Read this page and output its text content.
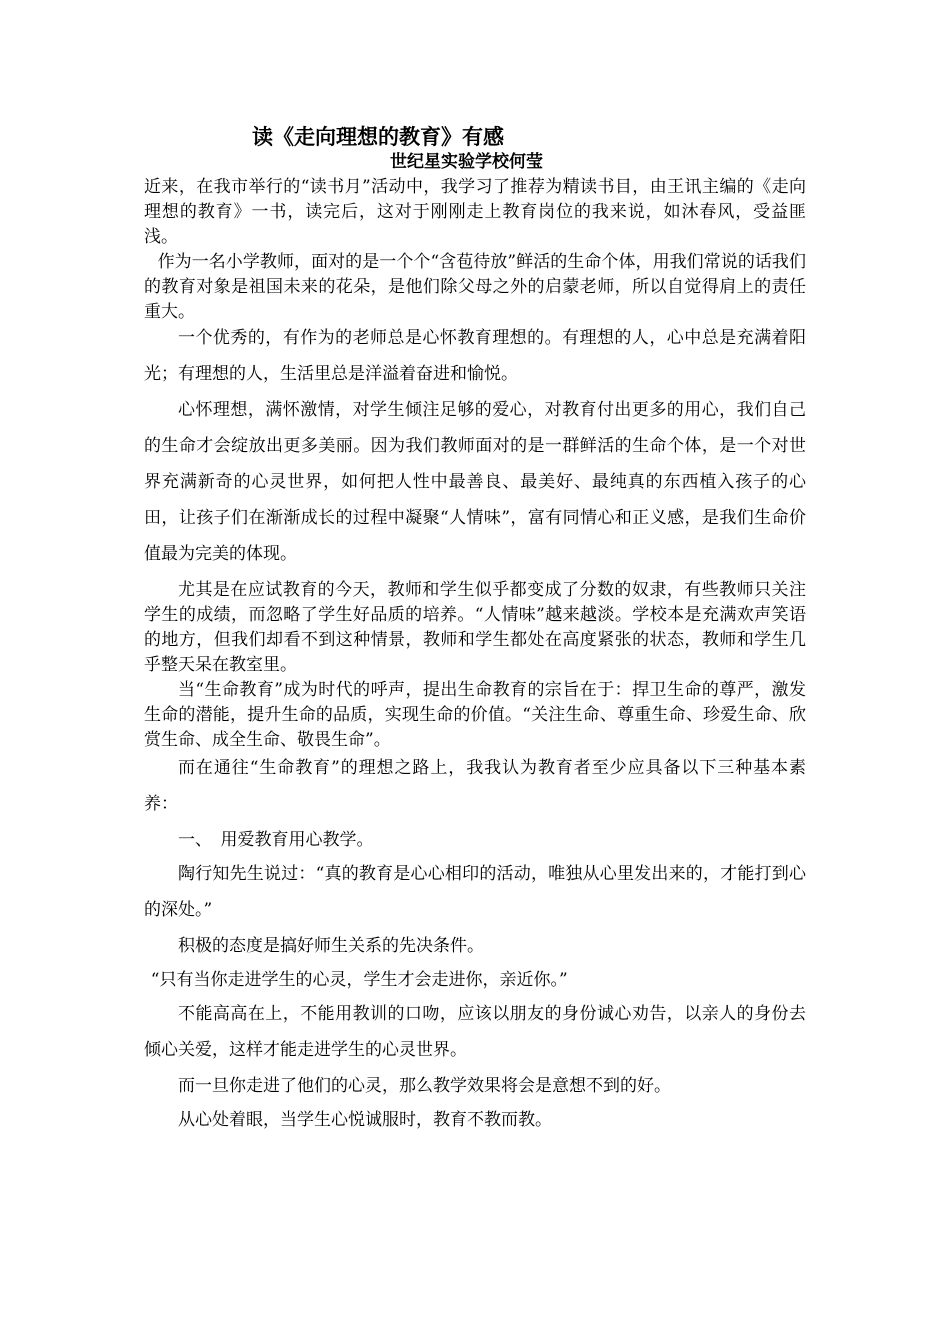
读《走向理想的教育》有感
世纪星实验学校何莹

近来，在我市举行的“读书月”活动中，我学习了推荐为精读书目，由王讯主编的《走向理想的教育》一书，读完后，这对于刚刚走上教育岗位的我来说，如沐春风，受益匪浅。

作为一名小学教师，面对的是一个个“含苞待放”鲜活的生命个体，用我们常说的话我们的教育对象是祖国未来的花朵，是他们除父母之外的启蒙老师，所以自觉得肩上的责任重大。

一个优秀的，有作为的老师总是心怀教育理想的。有理想的人，心中总是充满着阳光；有理想的人，生活里总是洋溢着奋进和愉悦。

心怀理想，满怀激情，对学生倾注足够的爱心，对教育付出更多的用心，我们自己的生命才会绽放出更多美丽。因为我们教师面对的是一群鲜活的生命个体，是一个对世界充满新奇的心灵世界，如何把人性中最善良、最美好、最纯真的东西植入孩子的心田，让孩子们在渐渐成长的过程中凝聚“人情味”，富有同情心和正义感，是我们生命价值最为完美的体现。

尤其是在应试教育的今天，教师和学生似乎都变成了分数的奴隶，有些教师只关注学生的成绩，而忽略了学生好品质的培养。“人情味”越来越淡。学校本是充满欢声笑语的地方，但我们却看不到这种情景，教师和学生都处在高度紧张的状态，教师和学生几乎整天呆在教室里。

当“生命教育”成为时代的呼声，提出生命教育的宗旨在于：捍卫生命的尊严，激发生命的潜能，提升生命的品质，实现生命的价值。“关注生命、尊重生命、珍爱生命、欣赏生命、成全生命、敬畏生命”。

而在通往“生命教育”的理想之路上，我我认为教育者至少应具备以下三种基本素养：

一、　用爱教育用心教学。

陶行知先生说过：“真的教育是心心相印的活动，唯独从心里发出来的，才能打到心的深处。”

积极的态度是搞好师生关系的先决条件。

“只有当你走进学生的心灵，学生才会走进你，亲近你。”

不能高高在上，不能用教训的口吻，应该以朋友的身份诚心劝告，以亲人的身份去倾心关爱，这样才能走进学生的心灵世界。

而一旦你走进了他们的心灵，那么教学效果将会是意想不到的好。

从心处着眼，当学生心悦诚服时，教育不教而教。
